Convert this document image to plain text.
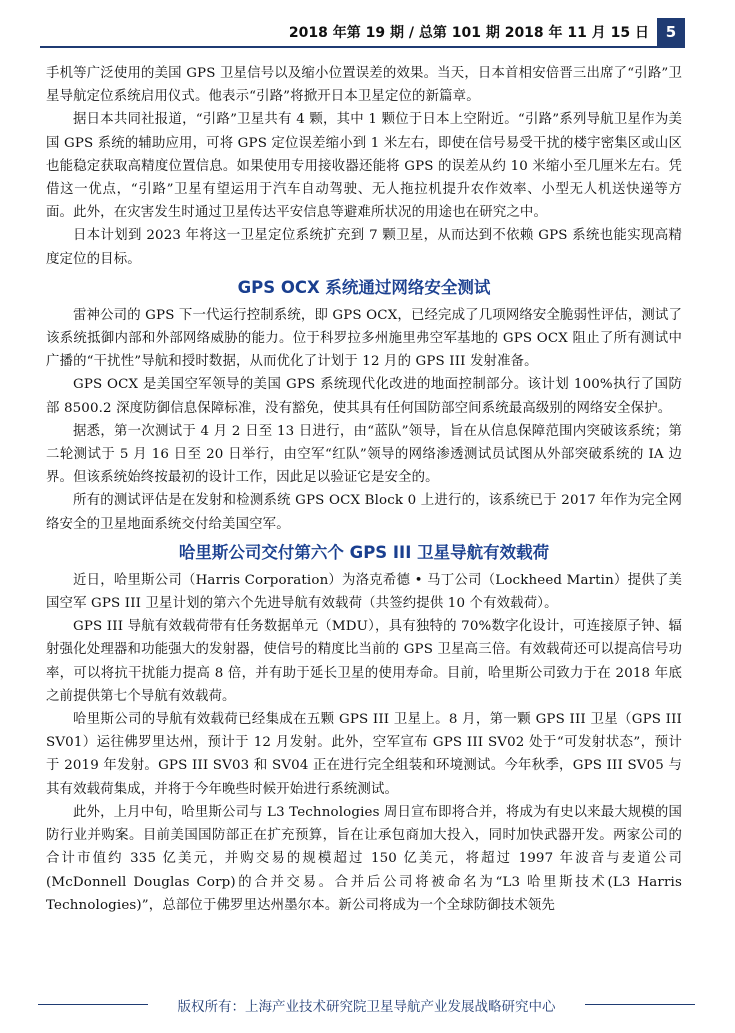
2018 年第 19 期 / 总第 101 期 2018 年 11 月 15 日	5

手机等广泛使用的美国 GPS 卫星信号以及缩小位置误差的效果。当天，日本首相安倍晋三出席了“引路”卫星导航定位系统启用仪式。他表示“引路”将掀开日本卫星定位的新篇章。

据日本共同社报道，“引路”卫星共有 4 颗，其中 1 颗位于日本上空附近。“引路”系列导航卫星作为美国 GPS 系统的辅助应用，可将 GPS 定位误差缩小到 1 米左右，即使在信号易受干扰的楼宇密集区或山区也能稳定获取高精度位置信息。如果使用专用接收器还能将 GPS 的误差从约 10 米缩小至几厘米左右。凭借这一优点，“引路”卫星有望运用于汽车自动驾驶、无人拖拉机提升农作效率、小型无人机送快递等方面。此外，在灾害发生时通过卫星传达平安信息等避难所状况的用途也在研究之中。

日本计划到 2023 年将这一卫星定位系统扩充到 7 颗卫星，从而达到不依赖 GPS 系统也能实现高精度定位的目标。

GPS OCX 系统通过网络安全测试

雷神公司的 GPS 下一代运行控制系统，即 GPS OCX，已经完成了几项网络安全脆弱性评估，测试了该系统抵御内部和外部网络威胁的能力。位于科罗拉多州施里弗空军基地的 GPS OCX 阻止了所有测试中广播的“干扰性”导航和授时数据，从而优化了计划于 12 月的 GPS III 发射准备。

GPS OCX 是美国空军领导的美国 GPS 系统现代化改进的地面控制部分。该计划 100%执行了国防部 8500.2 深度防御信息保障标准，没有豁免，使其具有任何国防部空间系统最高级别的网络安全保护。

据悉，第一次测试于 4 月 2 日至 13 日进行，由“蓝队”领导，旨在从信息保障范围内突破该系统；第二轮测试于 5 月 16 日至 20 日举行，由空军“红队”领导的网络渗透测试员试图从外部突破系统的 IA 边界。但该系统始终按最初的设计工作，因此足以验证它是安全的。

所有的测试评估是在发射和检测系统 GPS OCX Block 0 上进行的，该系统已于 2017 年作为完全网络安全的卫星地面系统交付给美国空军。

哈里斯公司交付第六个 GPS III 卫星导航有效载荷

近日，哈里斯公司（Harris Corporation）为洛克希德 • 马丁公司（Lockheed Martin）提供了美国空军 GPS III 卫星计划的第六个先进导航有效载荷（共签约提供 10 个有效载荷）。

GPS III 导航有效载荷带有任务数据单元（MDU），具有独特的 70%数字化设计，可连接原子钟、辐射强化处理器和功能强大的发射器，使信号的精度比当前的 GPS 卫星高三倍。有效载荷还可以提高信号功率，可以将抗干扰能力提高 8 倍，并有助于延长卫星的使用寿命。目前，哈里斯公司致力于在 2018 年底之前提供第七个导航有效载荷。

哈里斯公司的导航有效载荷已经集成在五颗 GPS III 卫星上。8 月，第一颗 GPS III 卫星（GPS III SV01）运往佛罗里达州，预计于 12 月发射。此外，空军宣布 GPS III SV02 处于“可发射状态”，预计于 2019 年发射。GPS III SV03 和 SV04 正在进行完全组装和环境测试。今年秋季，GPS III SV05 与其有效载荷集成，并将于今年晚些时候开始进行系统测试。

此外，上月中旬，哈里斯公司与 L3 Technologies 周日宣布即将合并，将成为有史以来最大规模的国防行业并购案。目前美国国防部正在扩充预算，旨在让承包商加大投入，同时加快武器开发。两家公司的合计市值约 335 亿美元，并购交易的规模超过 150 亿美元，将超过 1997 年波音与麦道公司(McDonnell Douglas Corp)的合并交易。合并后公司将被命名为“L3 哈里斯技术(L3 Harris Technologies)”，总部位于佛罗里达州墨尔本。新公司将成为一个全球防御技术领先

版权所有：上海产业技术研究院卫星导航产业发展战略研究中心
